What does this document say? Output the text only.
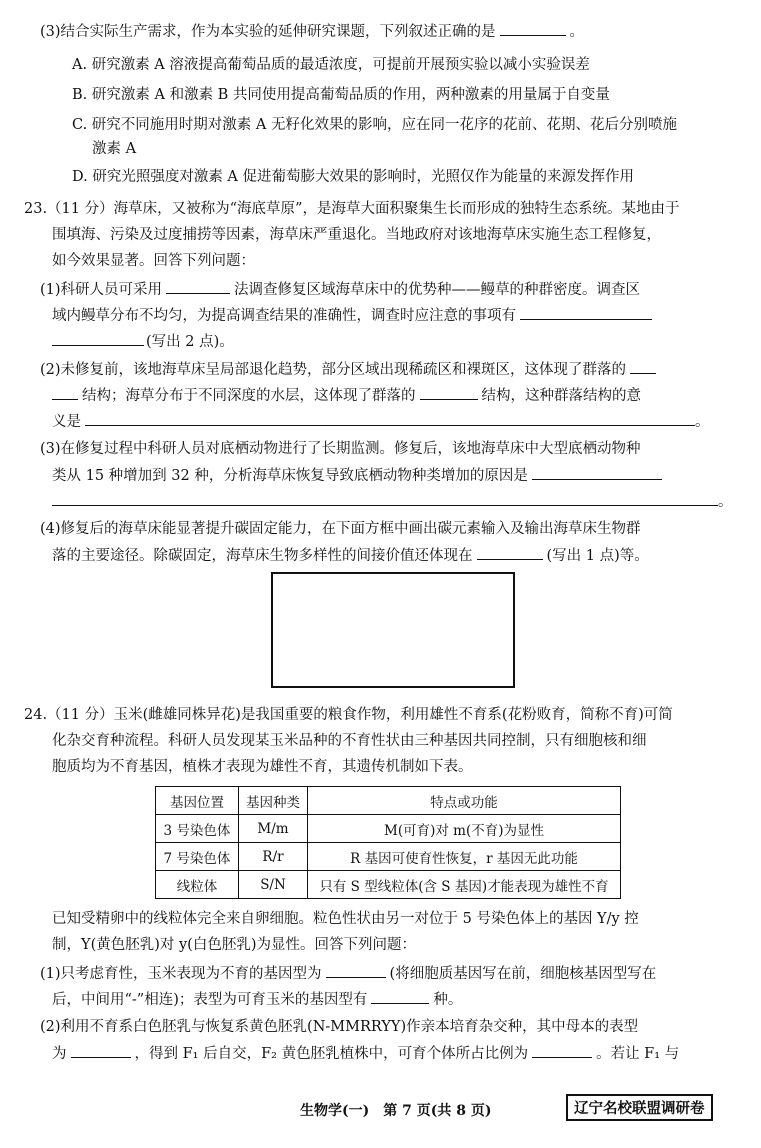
(3)结合实际生产需求，作为本实验的延伸研究课题，下列叙述正确的是	。
A. 研究激素 A 溶液提高葡萄品质的最适浓度，可提前开展预实验以减小实验误差
B. 研究激素 A 和激素 B 共同使用提高葡萄品质的作用，两种激素的用量属于自变量
C. 研究不同施用时期对激素 A 无籽化效果的影响，应在同一花序的花前、花期、花后分别喷施
激素 A
D. 研究光照强度对激素 A 促进葡萄膨大效果的影响时，光照仅作为能量的来源发挥作用
23.（11 分）海草床，又被称为“海底草原”，是海草大面积聚集生长而形成的独特生态系统。某地由于
围填海、污染及过度捕捞等因素，海草床严重退化。当地政府对该地海草床实施生态工程修复，
如今效果显著。回答下列问题：
(1)科研人员可采用	法调查修复区域海草床中的优势种——鳗草的种群密度。调查区
域内鳗草分布不均匀，为提高调查结果的准确性，调查时应注意的事项有
(写出 2 点)。
(2)未修复前，该地海草床呈局部退化趋势，部分区域出现稀疏区和裸斑区，这体现了群落的
结构；海草分布于不同深度的水层，这体现了群落的	结构，这种群落结构的意
义是	。
(3)在修复过程中科研人员对底栖动物进行了长期监测。修复后，该地海草床中大型底栖动物种
类从 15 种增加到 32 种，分析海草床恢复导致底栖动物种类增加的原因是
。
(4)修复后的海草床能显著提升碳固定能力，在下面方框中画出碳元素输入及输出海草床生物群
落的主要途径。除碳固定，海草床生物多样性的间接价值还体现在	(写出 1 点)等。
24.（11 分）玉米(雌雄同株异花)是我国重要的粮食作物，利用雄性不育系(花粉败育，简称不育)可简
化杂交育种流程。科研人员发现某玉米品种的不育性状由三种基因共同控制，只有细胞核和细
胞质均为不育基因，植株才表现为雄性不育，其遗传机制如下表。
基因位置	基因种类	特点或功能
3 号染色体	M/m	M(可育)对 m(不育)为显性
7 号染色体	R/r	R 基因可使育性恢复，r 基因无此功能
线粒体	S/N	只有 S 型线粒体(含 S 基因)才能表现为雄性不育
已知受精卵中的线粒体完全来自卵细胞。粒色性状由另一对位于 5 号染色体上的基因 Y/y 控
制，Y(黄色胚乳)对 y(白色胚乳)为显性。回答下列问题：
(1)只考虑育性，玉米表现为不育的基因型为	(将细胞质基因写在前，细胞核基因型写在
后，中间用“-”相连)；表型为可育玉米的基因型有	种。
(2)利用不育系白色胚乳与恢复系黄色胚乳(N-MMRRYY)作亲本培育杂交种，其中母本的表型
为	，得到 F₁ 后自交，F₂ 黄色胚乳植株中，可育个体所占比例为	。若让 F₁ 与
生物学(一)　第 7 页(共 8 页)	辽宁名校联盟调研卷
